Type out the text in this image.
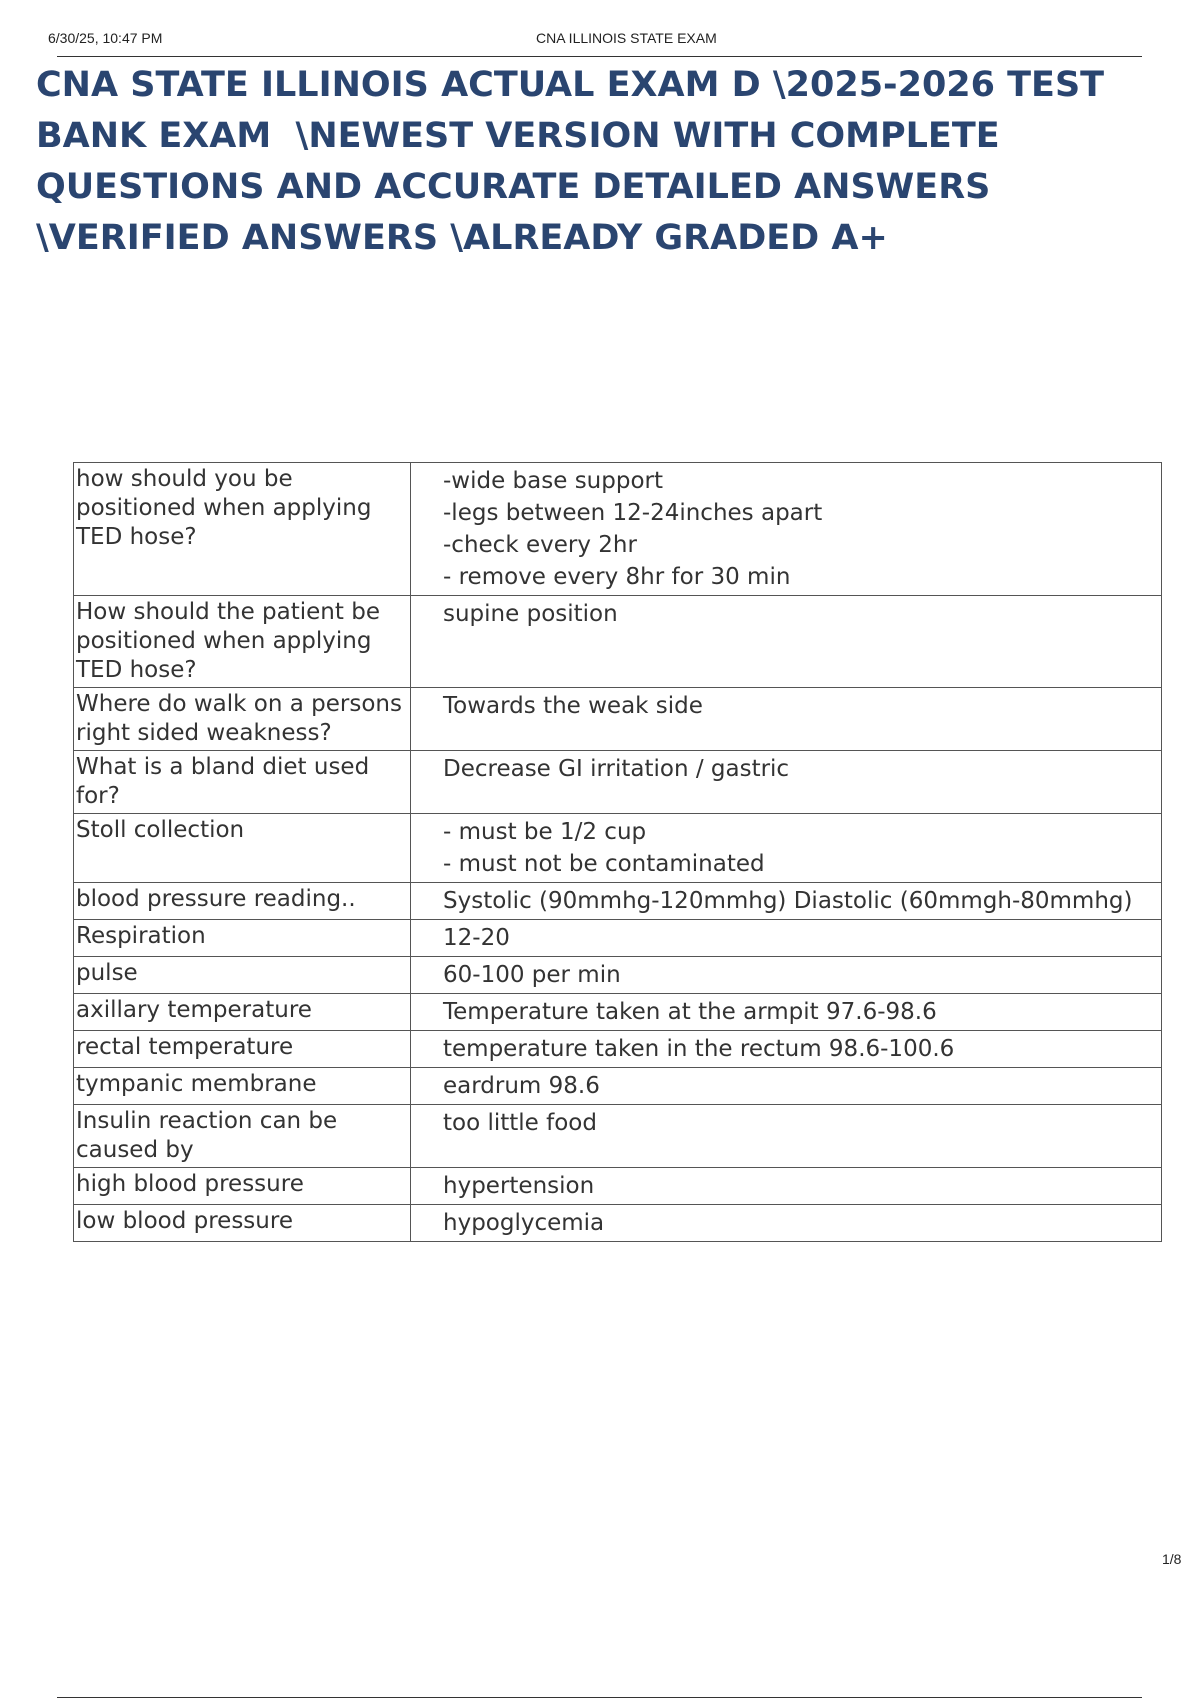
6/30/25, 10:47 PM	CNA ILLINOIS STATE EXAM
CNA STATE ILLINOIS ACTUAL EXAM D \2025-2026 TEST
BANK EXAM  \NEWEST VERSION WITH COMPLETE
QUESTIONS AND ACCURATE DETAILED ANSWERS
\VERIFIED ANSWERS \ALREADY GRADED A+
how should you be positioned when applying TED hose?	-wide base support
-legs between 12-24inches apart
-check every 2hr
- remove every 8hr for 30 min

How should the patient be positioned when applying TED hose?	supine position

Where do walk on a persons right sided weakness?	Towards the weak side

What is a bland diet used for?	Decrease GI irritation / gastric

Stoll collection	- must be 1/2 cup
- must not be contaminated

blood pressure reading..	Systolic (90mmhg-120mmhg) Diastolic (60mmgh-80mmhg)

Respiration	12-20

pulse	60-100 per min

axillary temperature	Temperature taken at the armpit 97.6-98.6

rectal temperature	temperature taken in the rectum 98.6-100.6

tympanic membrane	eardrum 98.6

Insulin reaction can be caused by	too little food

high blood pressure	hypertension

low blood pressure	hypoglycemia
1/8
